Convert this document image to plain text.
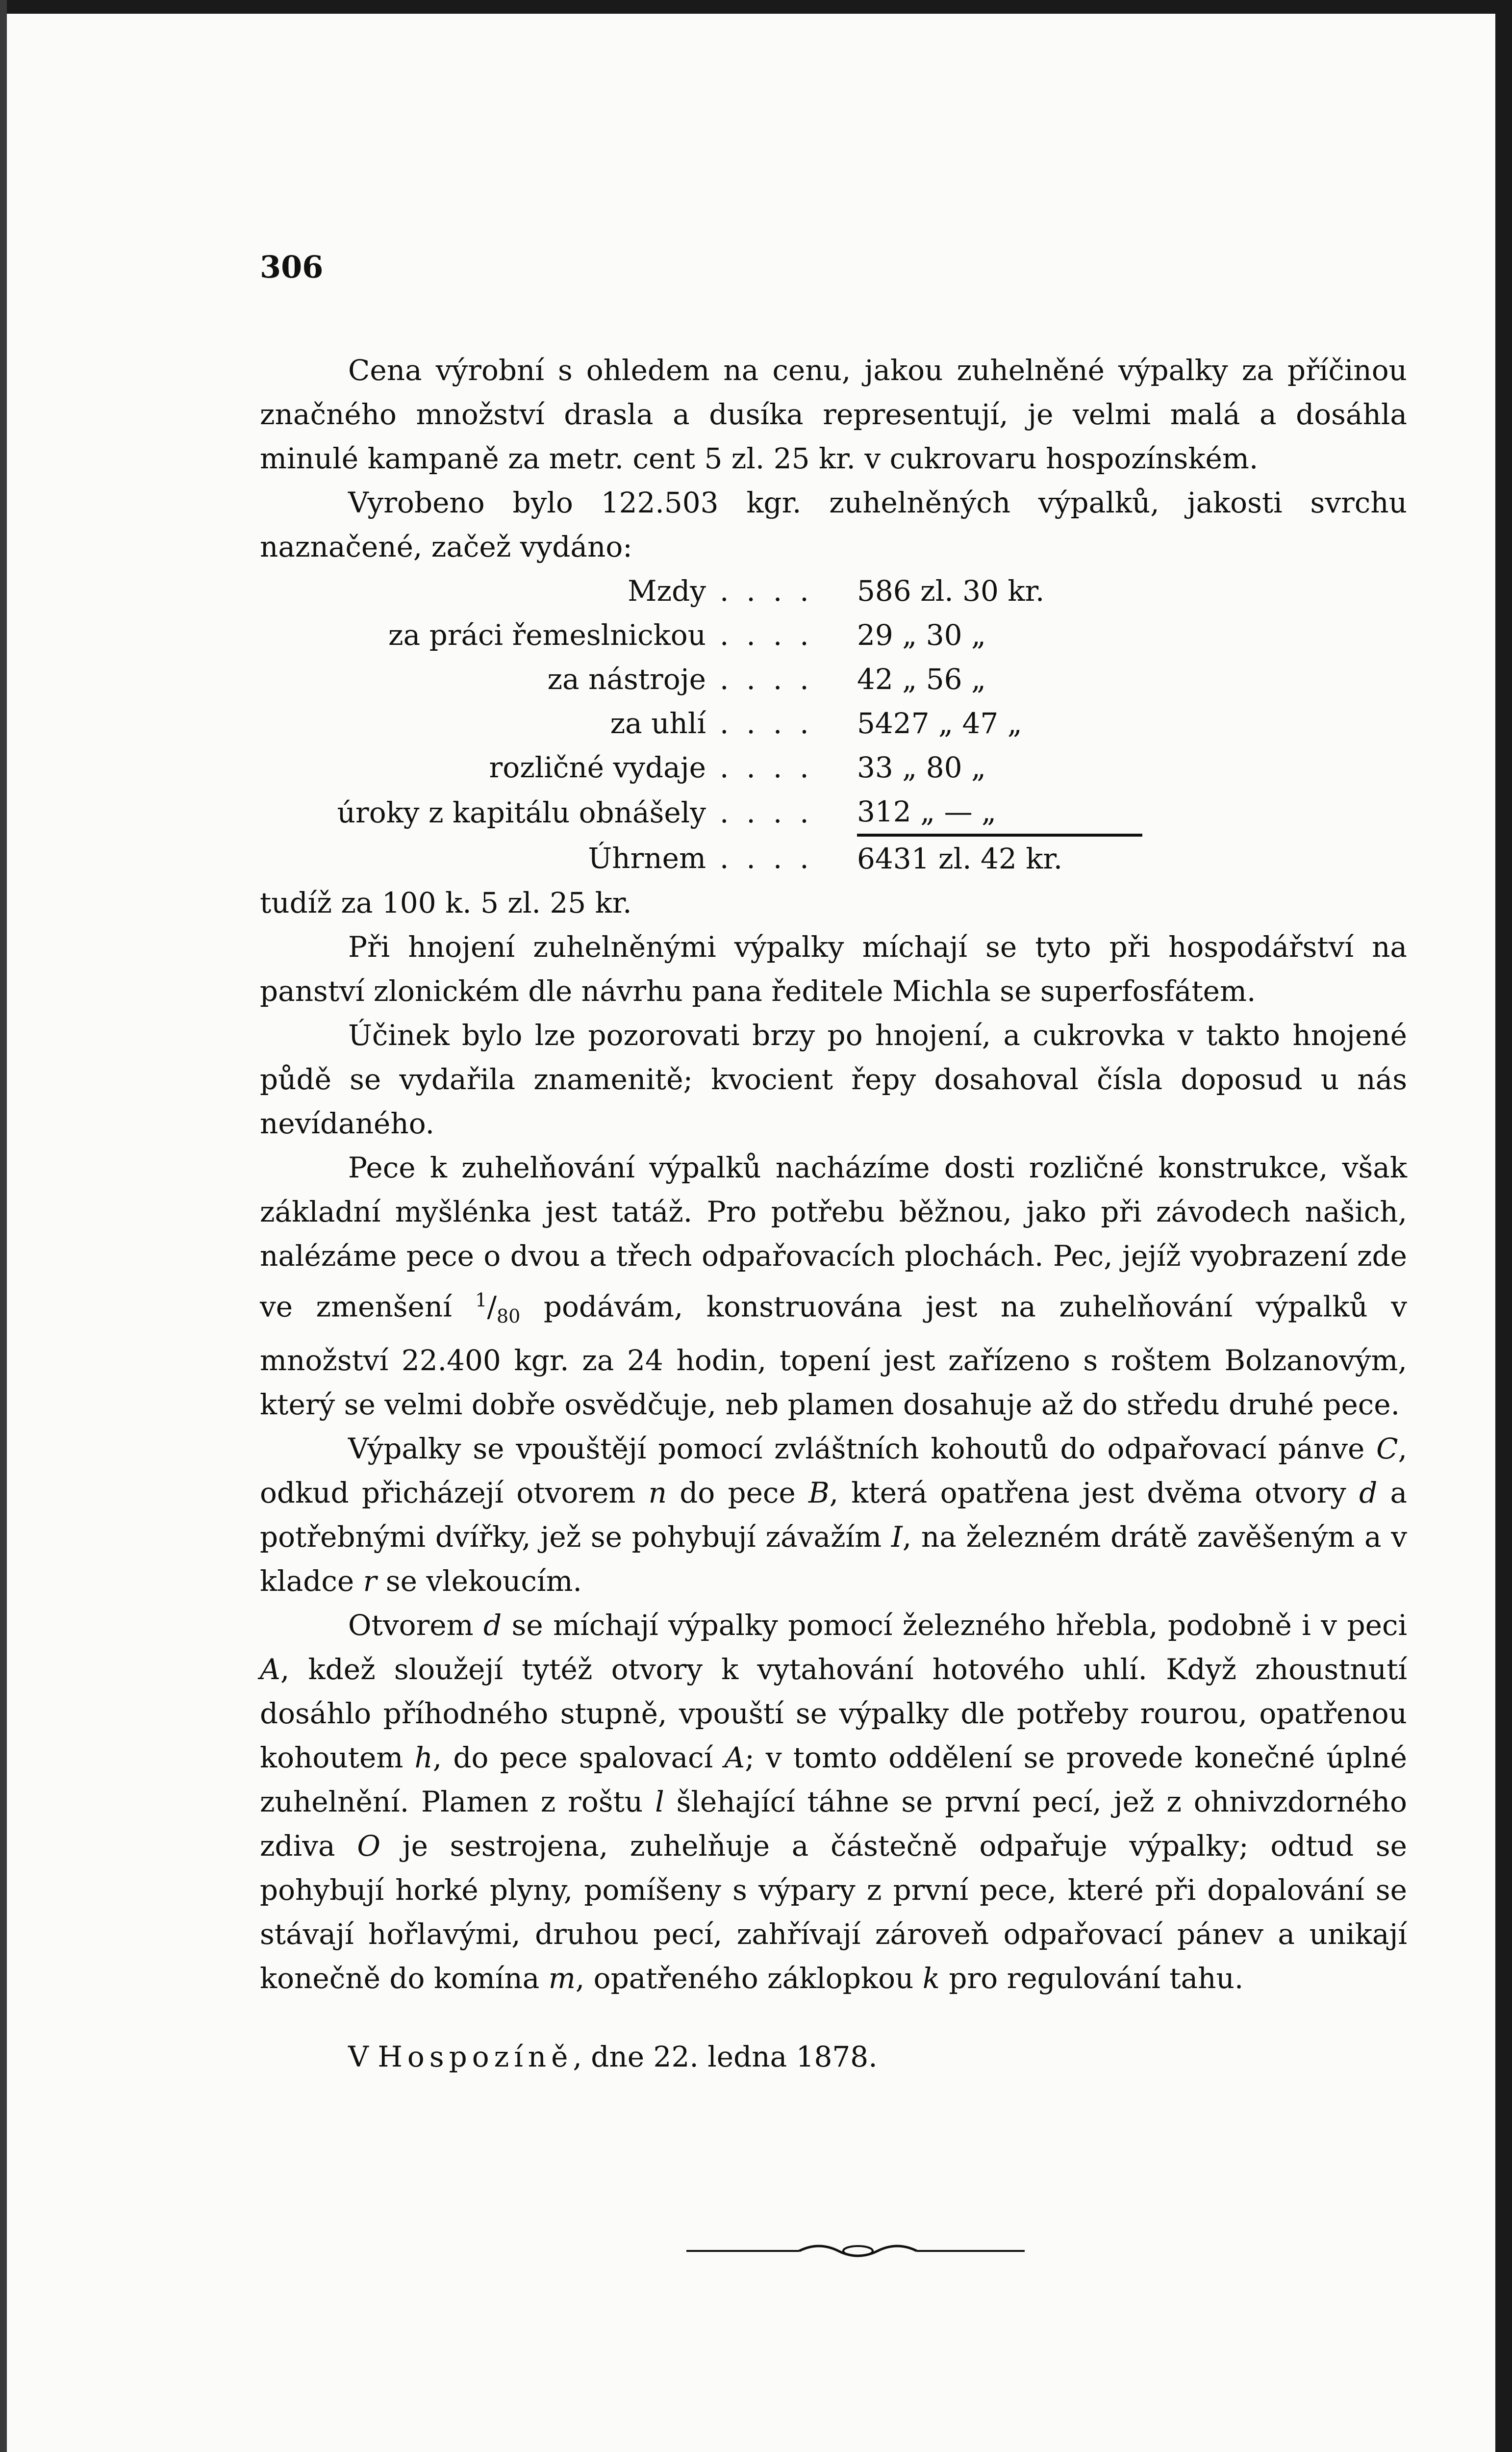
306

Cena výrobní s ohledem na cenu, jakou zuhelněné výpalky za příčinou značného množství drasla a dusíka representují, je velmi malá a dosáhla minulé kampaně za metr. cent 5 zl. 25 kr. v cukrovaru hospozínském.

Vyrobeno bylo 122.503 kgr. zuhelněných výpalků, jakosti svrchu naznačené, začež vydáno:

Mzdy	....	586 zl. 30 kr.
za práci řemeslnickou	....	29 „ 30 „
za nástroje	....	42 „ 56 „
za uhlí	....	5427 „ 47 „
rozličné vydaje	....	33 „ 80 „
úroky z kapitálu obnášely	....	312 „ — „
Úhrnem	....	6431 zl. 42 kr.

tudíž za 100 k. 5 zl. 25 kr.

Při hnojení zuhelněnými výpalky míchají se tyto při hospodářství na panství zlonickém dle návrhu pana ředitele Michla se superfosfátem.

Účinek bylo lze pozorovati brzy po hnojení, a cukrovka v takto hnojené půdě se vydařila znamenitě; kvocient řepy dosahoval čísla doposud u nás nevídaného.

Pece k zuhelňování výpalků nacházíme dosti rozličné konstrukce, však základní myšlénka jest tatáž. Pro potřebu běžnou, jako při závodech našich, nalézáme pece o dvou a třech odpařovacích plochách. Pec, jejíž vyobrazení zde ve zmenšení $^1/_{80}$ podávám, konstruována jest na zuhelňování výpalků v množství 22.400 kgr. za 24 hodin, topení jest zařízeno s roštem Bolzanovým, který se velmi dobře osvědčuje, neb plamen dosahuje až do středu druhé pece.

Výpalky se vpouštějí pomocí zvláštních kohoutů do odpařovací pánve C, odkud přicházejí otvorem n do pece B, která opatřena jest dvěma otvory d a potřebnými dvířky, jež se pohybují závažím I, na železném drátě zavěšeným a v kladce r se vlekoucím.

Otvorem d se míchají výpalky pomocí železného hřebla, podobně i v peci A, kdež sloužejí tytéž otvory k vytahování hotového uhlí. Když zhoustnutí dosáhlo příhodného stupně, vpouští se výpalky dle potřeby rourou, opatřenou kohoutem h, do pece spalovací A; v tomto oddělení se provede konečné úplné zuhelnění. Plamen z roštu l šlehající táhne se první pecí, jež z ohnivzdorného zdiva O je sestrojena, zuhelňuje a částečně odpařuje výpalky; odtud se pohybují horké plyny, pomíšeny s výpary z první pece, které při dopalování se stávají hořlavými, druhou pecí, zahřívají zároveň odpařovací pánev a unikají konečně do komína m, opatřeného záklopkou k pro regulování tahu.

V Hospozíně, dne 22. ledna 1878.
